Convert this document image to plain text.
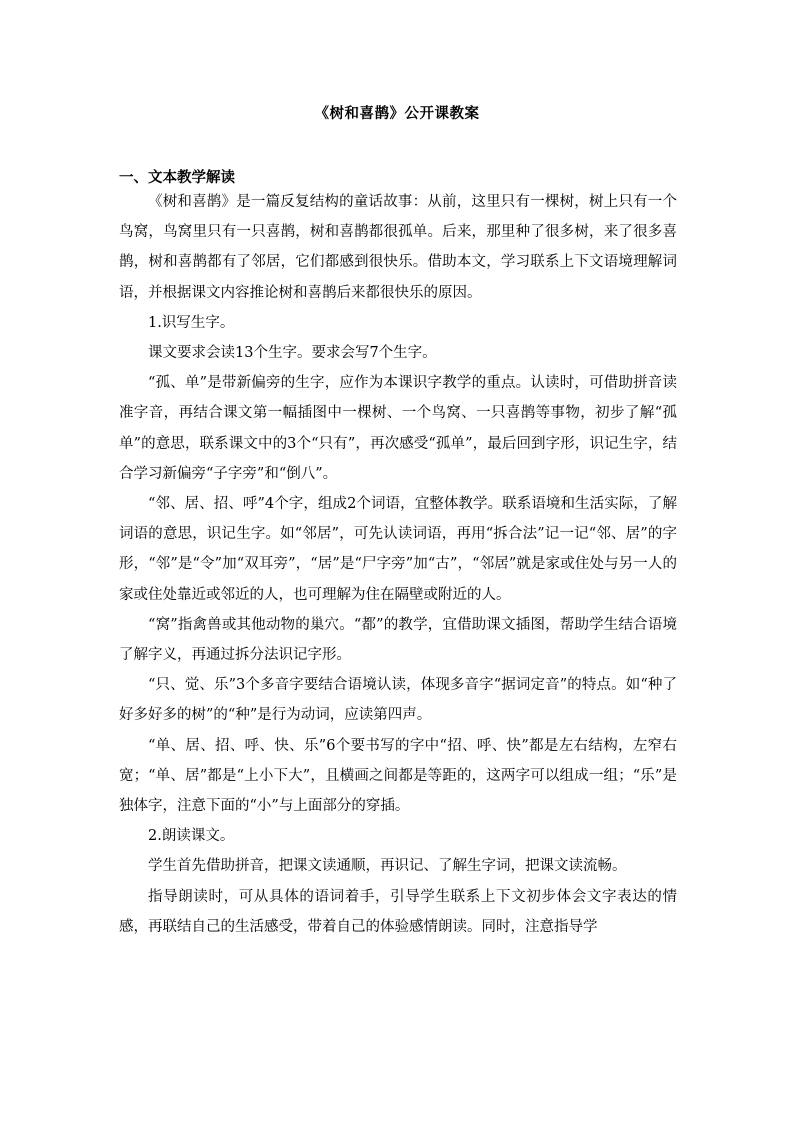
《树和喜鹊》公开课教案
一、文本教学解读

《树和喜鹊》是一篇反复结构的童话故事：从前，这里只有一棵树，树上只有一个鸟窝，鸟窝里只有一只喜鹊，树和喜鹊都很孤单。后来，那里种了很多树，来了很多喜鹊，树和喜鹊都有了邻居，它们都感到很快乐。借助本文，学习联系上下文语境理解词语，并根据课文内容推论树和喜鹊后来都很快乐的原因。

1.识写生字。

课文要求会读13个生字。要求会写7个生字。

“孤、单”是带新偏旁的生字，应作为本课识字教学的重点。认读时，可借助拼音读准字音，再结合课文第一幅插图中一棵树、一个鸟窝、一只喜鹊等事物，初步了解“孤单”的意思，联系课文中的3个“只有”，再次感受“孤单”，最后回到字形，识记生字，结合学习新偏旁“子字旁”和“倒八”。

“邻、居、招、呼”4个字，组成2个词语，宜整体教学。联系语境和生活实际，了解词语的意思，识记生字。如“邻居”，可先认读词语，再用“拆合法”记一记“邻、居”的字形，“邻”是“令”加“双耳旁”，“居”是“尸字旁”加“古”，“邻居”就是家或住处与另一人的家或住处靠近或邻近的人，也可理解为住在隔壁或附近的人。

“窝”指禽兽或其他动物的巢穴。“都”的教学，宜借助课文插图，帮助学生结合语境了解字义，再通过拆分法识记字形。

“只、觉、乐”3个多音字要结合语境认读，体现多音字“据词定音”的特点。如“种了好多好多的树”的“种”是行为动词，应读第四声。

“单、居、招、呼、快、乐”6个要书写的字中“招、呼、快”都是左右结构，左窄右宽；“单、居”都是“上小下大”，且横画之间都是等距的，这两字可以组成一组；“乐”是独体字，注意下面的“小”与上面部分的穿插。

2.朗读课文。

学生首先借助拼音，把课文读通顺，再识记、了解生字词，把课文读流畅。

指导朗读时，可从具体的语词着手，引导学生联系上下文初步体会文字表达的情感，再联结自己的生活感受，带着自己的体验感情朗读。同时，注意指导学
